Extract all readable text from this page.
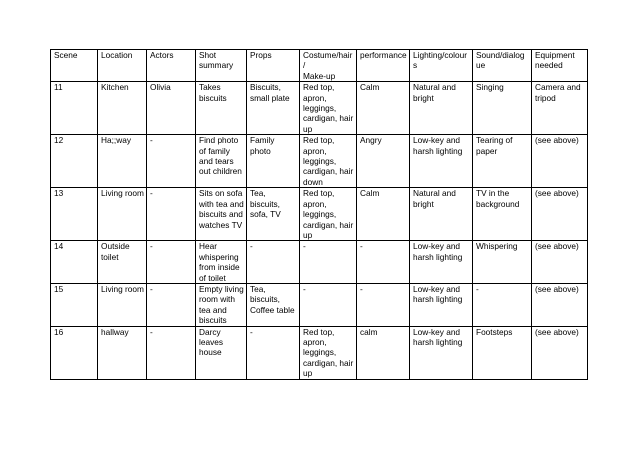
Scene	Location	Actors	Shot
summary	Props	Costume/hair/
Make-up	performance	Lighting/colours	Sound/dialogue	Equipment
needed
11	Kitchen	Olivia	Takes
biscuits	Biscuits,
small plate	Red top,
apron,
leggings,
cardigan, hair
up	Calm	Natural and
bright	Singing	Camera and
tripod
12	Ha;;way	-	Find photo
of family
and tears
out children	Family photo	Red top,
apron,
leggings,
cardigan, hair
down	Angry	Low-key and
harsh lighting	Tearing of
paper	(see above)
13	Living room	-	Sits on sofa
with tea and
biscuits and
watches TV	Tea, biscuits,
sofa, TV	Red top,
apron,
leggings,
cardigan, hair
up	Calm	Natural and
bright	TV in the
background	(see above)
14	Outside
toilet	-	Hear
whispering
from inside
of toilet	-	-	-	Low-key and
harsh lighting	Whispering	(see above)
15	Living room	-	Empty living
room with
tea and
biscuits	Tea, biscuits,
Coffee table	-	-	Low-key and
harsh lighting	-	(see above)
16	hallway	-	Darcy leaves
house	-	Red top,
apron,
leggings,
cardigan, hair
up	calm	Low-key and
harsh lighting	Footsteps	(see above)
